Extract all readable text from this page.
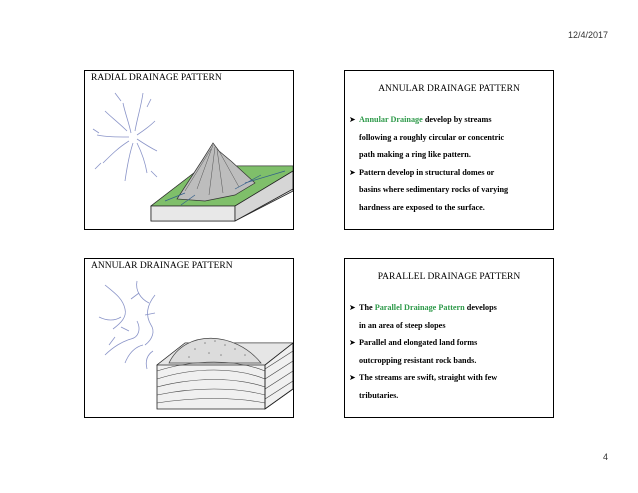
12/4/2017
RADIAL DRAINAGE PATTERN
ANNULAR DRAINAGE PATTERN
➤ Annular Drainage develop by streams
following a roughly circular or concentric
path making a ring like pattern.
➤ Pattern develop in structural domes or
basins where sedimentary rocks of varying
hardness are exposed to the surface.
ANNULAR DRAINAGE PATTERN
PARALLEL DRAINAGE PATTERN
➤ The Parallel Drainage Pattern develops
in an area of steep slopes
➤ Parallel and elongated land forms
outcropping resistant rock bands.
➤ The streams are swift, straight with few
tributaries.
4
